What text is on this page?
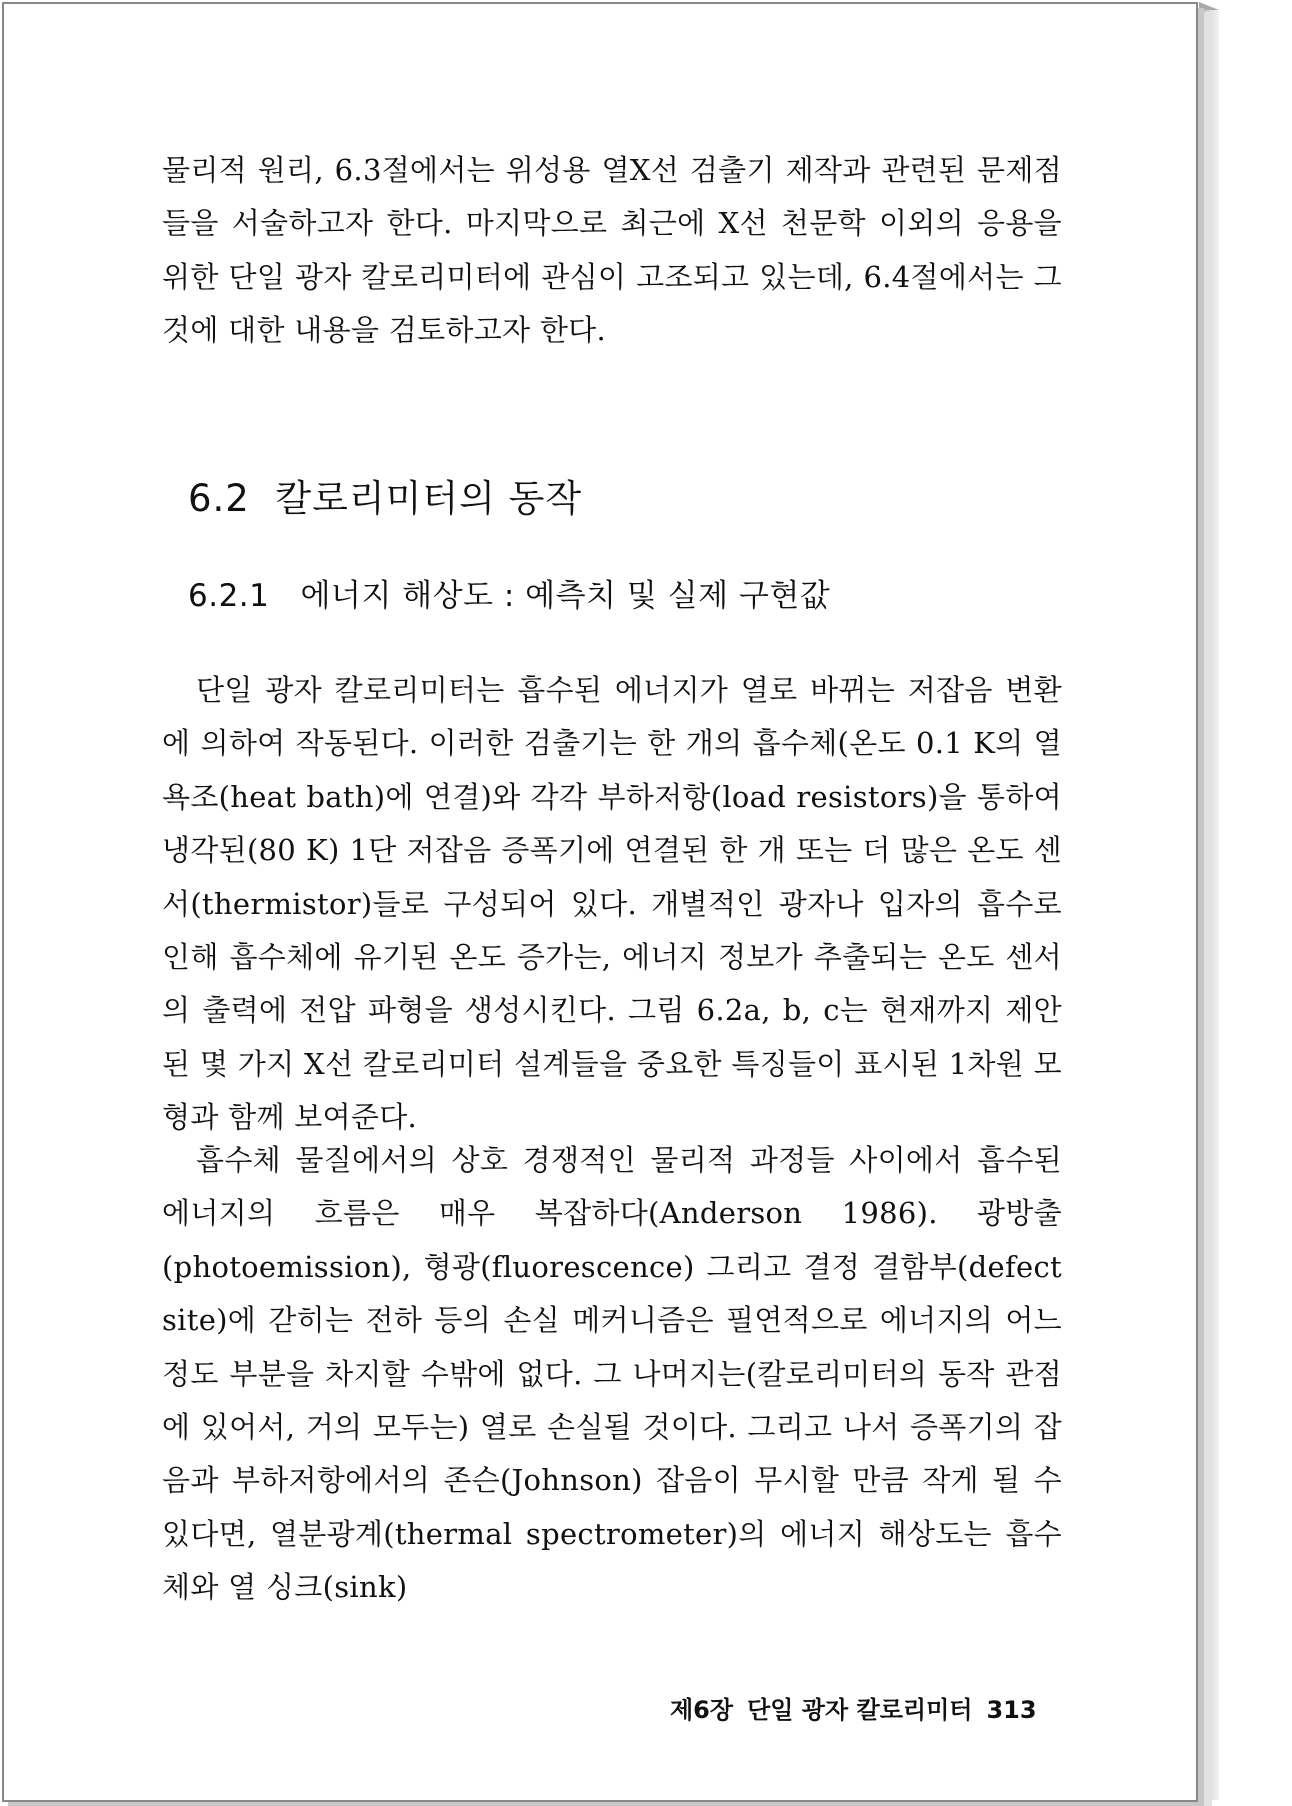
물리적 원리, 6.3절에서는 위성용 열X선 검출기 제작과 관련된 문제점들을 서술하고자 한다. 마지막으로 최근에 X선 천문학 이외의 응용을 위한 단일 광자 칼로리미터에 관심이 고조되고 있는데, 6.4절에서는 그것에 대한 내용을 검토하고자 한다.

6.2 칼로리미터의 동작
6.2.1 에너지 해상도 : 예측치 및 실제 구현값

단일 광자 칼로리미터는 흡수된 에너지가 열로 바뀌는 저잡음 변환에 의하여 작동된다. 이러한 검출기는 한 개의 흡수체(온도 0.1 K의 열욕조(heat bath)에 연결)와 각각 부하저항(load resistors)을 통하여 냉각된(80 K) 1단 저잡음 증폭기에 연결된 한 개 또는 더 많은 온도 센서(thermistor)들로 구성되어 있다. 개별적인 광자나 입자의 흡수로 인해 흡수체에 유기된 온도 증가는, 에너지 정보가 추출되는 온도 센서의 출력에 전압 파형을 생성시킨다. 그림 6.2a, b, c는 현재까지 제안된 몇 가지 X선 칼로리미터 설계들을 중요한 특징들이 표시된 1차원 모형과 함께 보여준다.

흡수체 물질에서의 상호 경쟁적인 물리적 과정들 사이에서 흡수된 에너지의 흐름은 매우 복잡하다(Anderson 1986). 광방출(photoemission), 형광(fluorescence) 그리고 결정 결함부(defect site)에 갇히는 전하 등의 손실 메커니즘은 필연적으로 에너지의 어느 정도 부분을 차지할 수밖에 없다. 그 나머지는(칼로리미터의 동작 관점에 있어서, 거의 모두는) 열로 손실될 것이다. 그리고 나서 증폭기의 잡음과 부하저항에서의 존슨(Johnson) 잡음이 무시할 만큼 작게 될 수 있다면, 열분광계(thermal spectrometer)의 에너지 해상도는 흡수체와 열 싱크(sink)

제6장 단일 광자 칼로리미터 313
